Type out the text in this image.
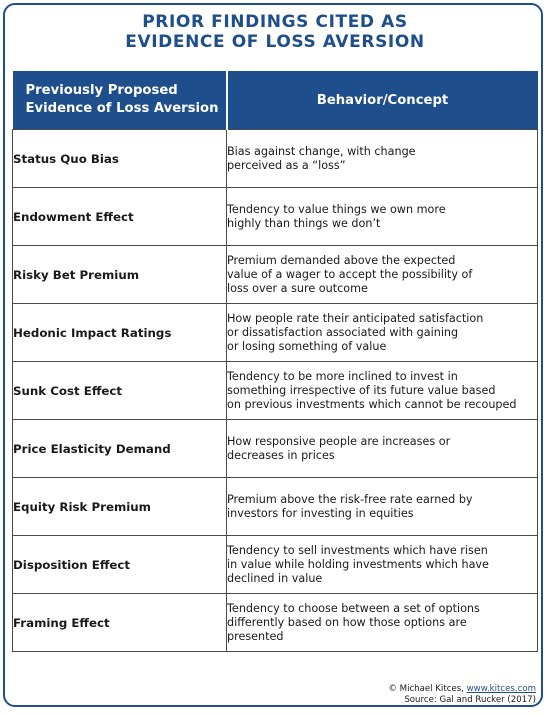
PRIOR FINDINGS CITED AS
EVIDENCE OF LOSS AVERSION
Previously Proposed
Evidence of Loss Aversion	Behavior/Concept
Status Quo Bias	Bias against change, with change
perceived as a “loss”

Endowment Effect	Tendency to value things we own more
highly than things we don’t

Risky Bet Premium	Premium demanded above the expected
value of a wager to accept the possibility of
loss over a sure outcome

Hedonic Impact Ratings	How people rate their anticipated satisfaction
or dissatisfaction associated with gaining
or losing something of value

Sunk Cost Effect	Tendency to be more inclined to invest in
something irrespective of its future value based
on previous investments which cannot be recouped

Price Elasticity Demand	How responsive people are increases or
decreases in prices

Equity Risk Premium	Premium above the risk-free rate earned by
investors for investing in equities

Disposition Effect	Tendency to sell investments which have risen
in value while holding investments which have
declined in value

Framing Effect	Tendency to choose between a set of options
differently based on how those options are
presented
© Michael Kitces, www.kitces.com
Source: Gal and Rucker (2017)
